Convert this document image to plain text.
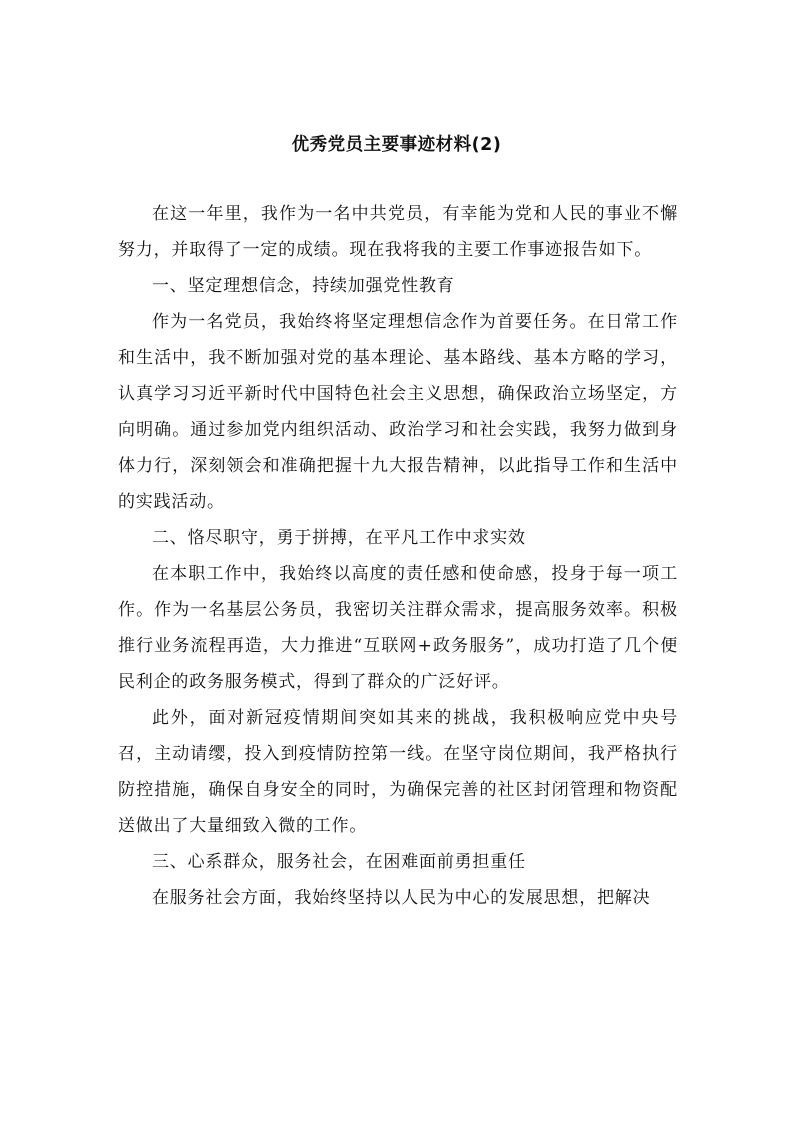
优秀党员主要事迹材料(2)

在这一年里，我作为一名中共党员，有幸能为党和人民的事业不懈努力，并取得了一定的成绩。现在我将我的主要工作事迹报告如下。

一、坚定理想信念，持续加强党性教育

作为一名党员，我始终将坚定理想信念作为首要任务。在日常工作和生活中，我不断加强对党的基本理论、基本路线、基本方略的学习，认真学习习近平新时代中国特色社会主义思想，确保政治立场坚定，方向明确。通过参加党内组织活动、政治学习和社会实践，我努力做到身体力行，深刻领会和准确把握十九大报告精神，以此指导工作和生活中的实践活动。

二、恪尽职守，勇于拼搏，在平凡工作中求实效

在本职工作中，我始终以高度的责任感和使命感，投身于每一项工作。作为一名基层公务员，我密切关注群众需求，提高服务效率。积极推行业务流程再造，大力推进“互联网+政务服务”，成功打造了几个便民利企的政务服务模式，得到了群众的广泛好评。

此外，面对新冠疫情期间突如其来的挑战，我积极响应党中央号召，主动请缨，投入到疫情防控第一线。在坚守岗位期间，我严格执行防控措施，确保自身安全的同时，为确保完善的社区封闭管理和物资配送做出了大量细致入微的工作。

三、心系群众，服务社会，在困难面前勇担重任

在服务社会方面，我始终坚持以人民为中心的发展思想，把解决
